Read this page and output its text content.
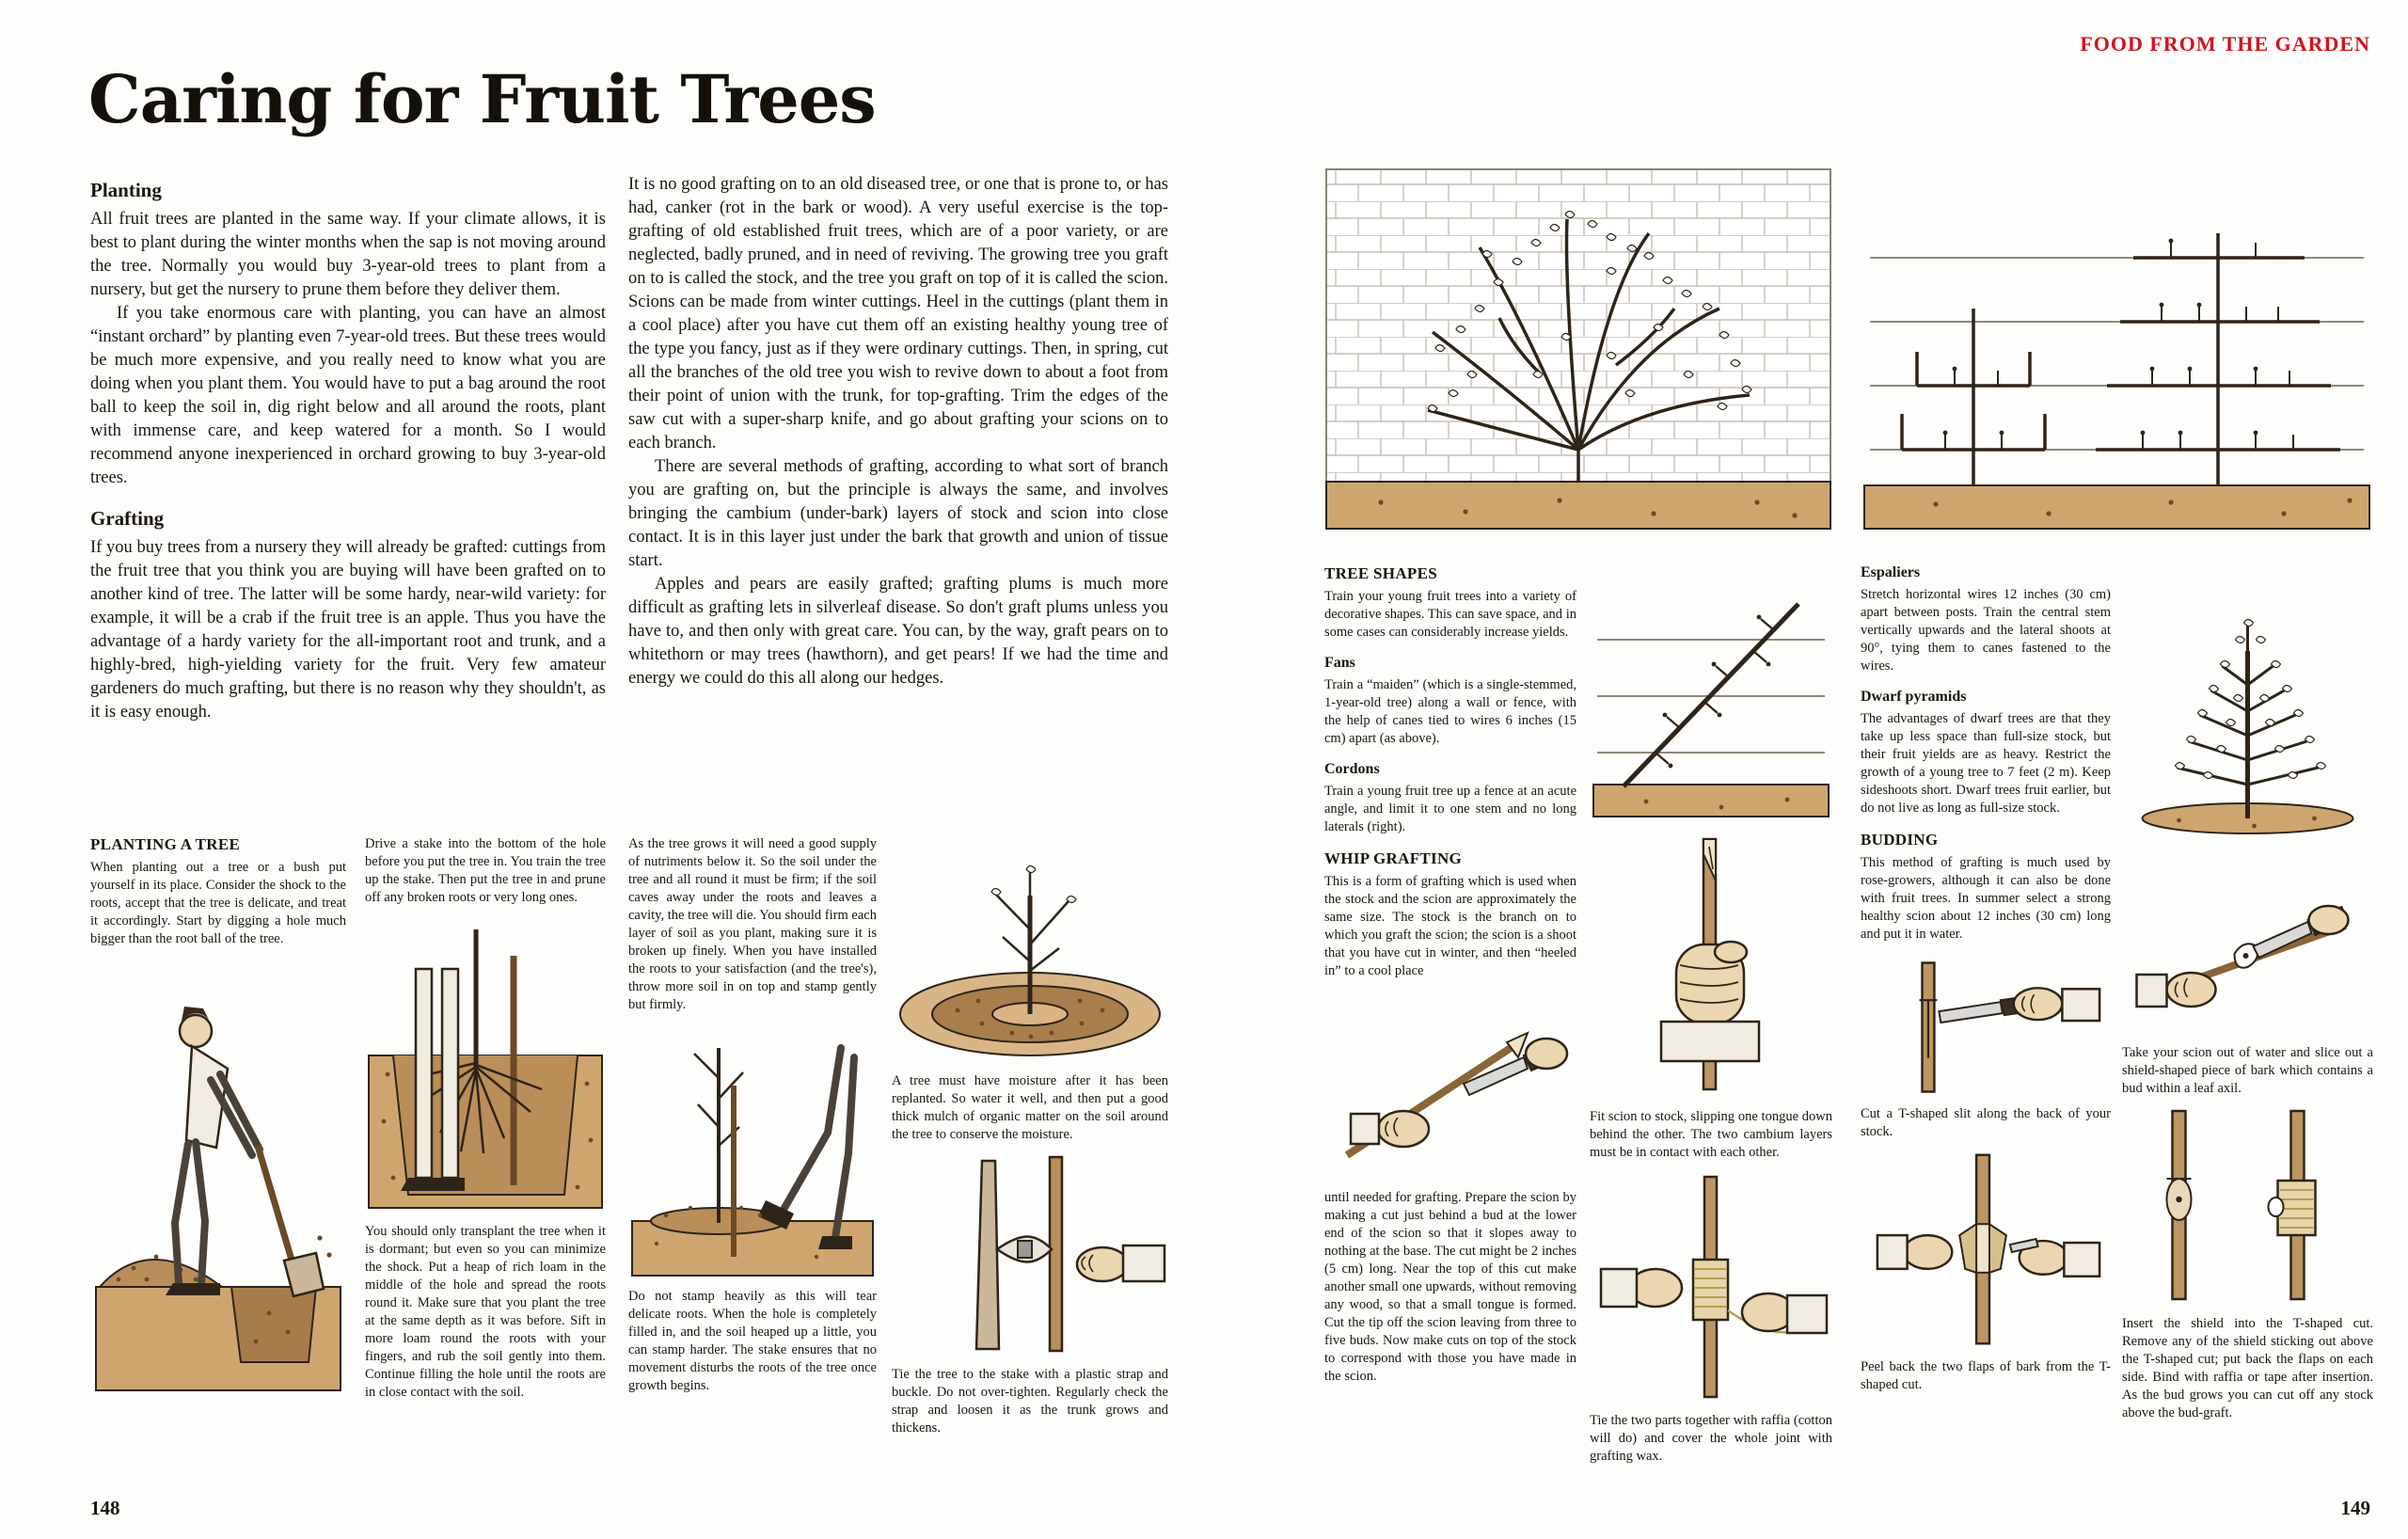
FOOD FROM THE GARDEN
Caring for Fruit Trees
Planting

All fruit trees are planted in the same way. If your climate allows, it is best to plant during the winter months when the sap is not moving around the tree. Normally you would buy 3-year-old trees to plant from a nursery, but get the nursery to prune them before they deliver them.

If you take enormous care with planting, you can have an almost “instant orchard” by planting even 7-year-old trees. But these trees would be much more expensive, and you really need to know what you are doing when you plant them. You would have to put a bag around the root ball to keep the soil in, dig right below and all around the roots, plant with immense care, and keep watered for a month. So I would recommend anyone inexperienced in orchard growing to buy 3-year-old trees.

Grafting

If you buy trees from a nursery they will already be grafted: cuttings from the fruit tree that you think you are buying will have been grafted on to another kind of tree. The latter will be some hardy, near-wild variety: for example, it will be a crab if the fruit tree is an apple. Thus you have the advantage of a hardy variety for the all-important root and trunk, and a highly-bred, high-yielding variety for the fruit. Very few amateur gardeners do much grafting, but there is no reason why they shouldn't, as it is easy enough.

It is no good grafting on to an old diseased tree, or one that is prone to, or has had, canker (rot in the bark or wood). A very useful exercise is the top-grafting of old established fruit trees, which are of a poor variety, or are neglected, badly pruned, and in need of reviving. The growing tree you graft on to is called the stock, and the tree you graft on top of it is called the scion. Scions can be made from winter cuttings. Heel in the cuttings (plant them in a cool place) after you have cut them off an existing healthy young tree of the type you fancy, just as if they were ordinary cuttings. Then, in spring, cut all the branches of the old tree you wish to revive down to about a foot from their point of union with the trunk, for top-grafting. Trim the edges of the saw cut with a super-sharp knife, and go about grafting your scions on to each branch.

There are several methods of grafting, according to what sort of branch you are grafting on, but the principle is always the same, and involves bringing the cambium (under-bark) layers of stock and scion into close contact. It is in this layer just under the bark that growth and union of tissue start.

Apples and pears are easily grafted; grafting plums is much more difficult as grafting lets in silverleaf disease. So don't graft plums unless you have to, and then only with great care. You can, by the way, graft pears on to whitethorn or may trees (hawthorn), and get pears! If we had the time and energy we could do this all along our hedges.

PLANTING A TREE

When planting out a tree or a bush put yourself in its place. Consider the shock to the roots, accept that the tree is delicate, and treat it accordingly. Start by digging a hole much bigger than the root ball of the tree.

Drive a stake into the bottom of the hole before you put the tree in. You train the tree up the stake. Then put the tree in and prune off any broken roots or very long ones.

You should only transplant the tree when it is dormant; but even so you can minimize the shock. Put a heap of rich loam in the middle of the hole and spread the roots round it. Make sure that you plant the tree at the same depth as it was before. Sift in more loam round the roots with your fingers, and rub the soil gently into them. Continue filling the hole until the roots are in close contact with the soil.

As the tree grows it will need a good supply of nutriments below it. So the soil under the tree and all round it must be firm; if the soil caves away under the roots and leaves a cavity, the tree will die. You should firm each layer of soil as you plant, making sure it is broken up finely. When you have installed the roots to your satisfaction (and the tree's), throw more soil in on top and stamp gently but firmly.

Do not stamp heavily as this will tear delicate roots. When the hole is completely filled in, and the soil heaped up a little, you can stamp harder. The stake ensures that no movement disturbs the roots of the tree once growth begins.

A tree must have moisture after it has been replanted. So water it well, and then put a good thick mulch of organic matter on the soil around the tree to conserve the moisture.

Tie the tree to the stake with a plastic strap and buckle. Do not over-tighten. Regularly check the strap and loosen it as the trunk grows and thickens.

TREE SHAPES

Train your young fruit trees into a variety of decorative shapes. This can save space, and in some cases can considerably increase yields.

Fans

Train a “maiden” (which is a single-stemmed, 1-year-old tree) along a wall or fence, with the help of canes tied to wires 6 inches (15 cm) apart (as above).

Cordons

Train a young fruit tree up a fence at an acute angle, and limit it to one stem and no long laterals (right).

WHIP GRAFTING

This is a form of grafting which is used when the stock and the scion are approximately the same size. The stock is the branch on to which you graft the scion; the scion is a shoot that you have cut in winter, and then “heeled in” to a cool place

until needed for grafting. Prepare the scion by making a cut just behind a bud at the lower end of the scion so that it slopes away to nothing at the base. The cut might be 2 inches (5 cm) long. Near the top of this cut make another small one upwards, without removing any wood, so that a small tongue is formed. Cut the tip off the scion leaving from three to five buds. Now make cuts on top of the stock to correspond with those you have made in the scion.

Fit scion to stock, slipping one tongue down behind the other. The two cambium layers must be in contact with each other.

Tie the two parts together with raffia (cotton will do) and cover the whole joint with grafting wax.

Espaliers

Stretch horizontal wires 12 inches (30 cm) apart between posts. Train the central stem vertically upwards and the lateral shoots at 90°, tying them to canes fastened to the wires.

Dwarf pyramids

The advantages of dwarf trees are that they take up less space than full-size stock, but their fruit yields are as heavy. Restrict the growth of a young tree to 7 feet (2 m). Keep sideshoots short. Dwarf trees fruit earlier, but do not live as long as full-size stock.

BUDDING

This method of grafting is much used by rose-growers, although it can also be done with fruit trees. In summer select a strong healthy scion about 12 inches (30 cm) long and put it in water.

Cut a T-shaped slit along the back of your stock.

Peel back the two flaps of bark from the T-shaped cut.

Take your scion out of water and slice out a shield-shaped piece of bark which contains a bud within a leaf axil.

Insert the shield into the T-shaped cut. Remove any of the shield sticking out above the T-shaped cut; put back the flaps on each side. Bind with raffia or tape after insertion. As the bud grows you can cut off any stock above the bud-graft.

148	149
